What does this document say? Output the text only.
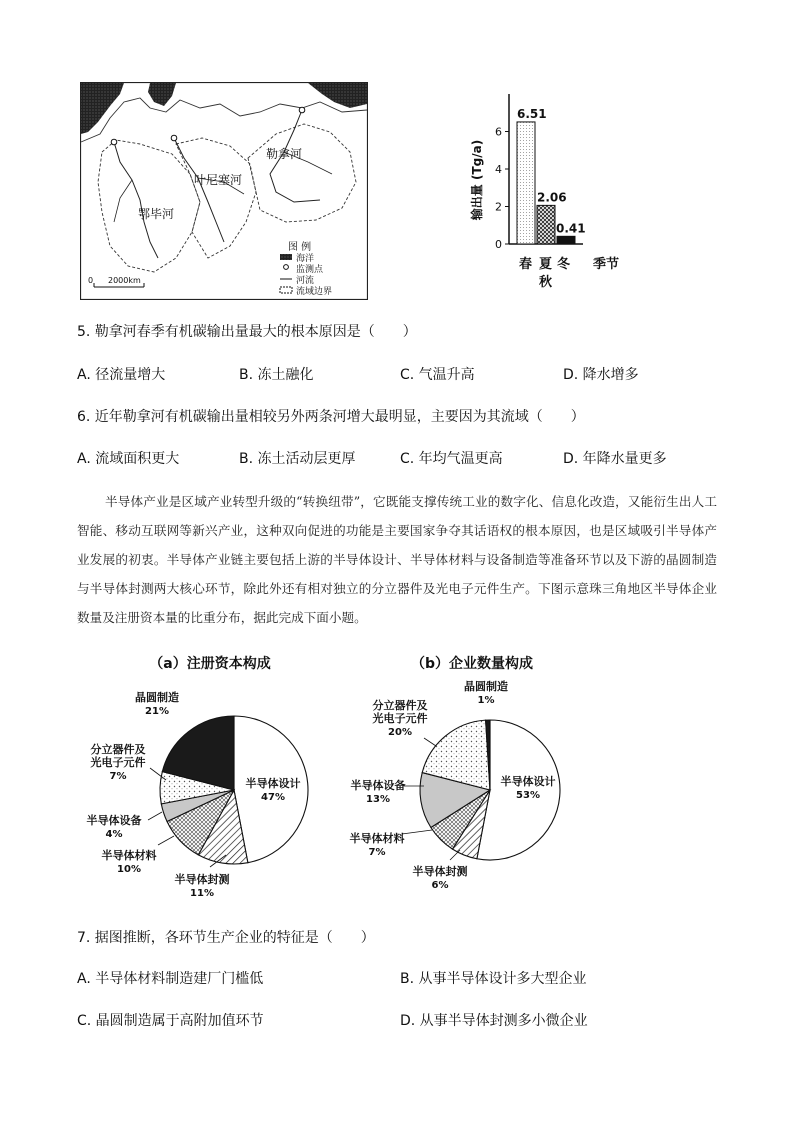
勒拿河
叶尼塞河
鄂毕河
0 2000km
图 例
海洋
监测点
河流
流域边界
0
2
4
6
6.51
2.06
0.41
春 夏 冬
秋
输出量 (Tg/a)
季节
5. 勒拿河春季有机碳输出量最大的根本原因是（　　）
A. 径流量增大	B. 冻土融化	C. 气温升高	D. 降水增多
6. 近年勒拿河有机碳输出量相较另外两条河增大最明显，主要因为其流域（　　）
A. 流域面积更大	B. 冻土活动层更厚	C. 年均气温更高	D. 年降水量更多

半导体产业是区域产业转型升级的“转换纽带”，它既能支撑传统工业的数字化、信息化改造，又能衍生出人工智能、移动互联网等新兴产业，这种双向促进的功能是主要国家争夺其话语权的根本原因，也是区域吸引半导体产业发展的初衷。半导体产业链主要包括上游的半导体设计、半导体材料与设备制造等准备环节以及下游的晶圆制造与半导体封测两大核心环节，除此外还有相对独立的分立器件及光电子元件生产。下图示意珠三角地区半导体企业数量及注册资本量的比重分布，据此完成下面小题。

（a）注册资本构成
半导体设计
47%
半导体封测
11%
半导体材料
10%
半导体设备
4%
分立器件及
光电子元件
7%
晶圆制造
21%
（b）企业数量构成
半导体设计
53%
半导体封测
6%
半导体材料
7%
半导体设备
13%
分立器件及
光电子元件
20%
晶圆制造
1%
7. 据图推断，各环节生产企业的特征是（　　）
A. 半导体材料制造建厂门槛低	B. 从事半导体设计多大型企业
C. 晶圆制造属于高附加值环节	D. 从事半导体封测多小微企业
